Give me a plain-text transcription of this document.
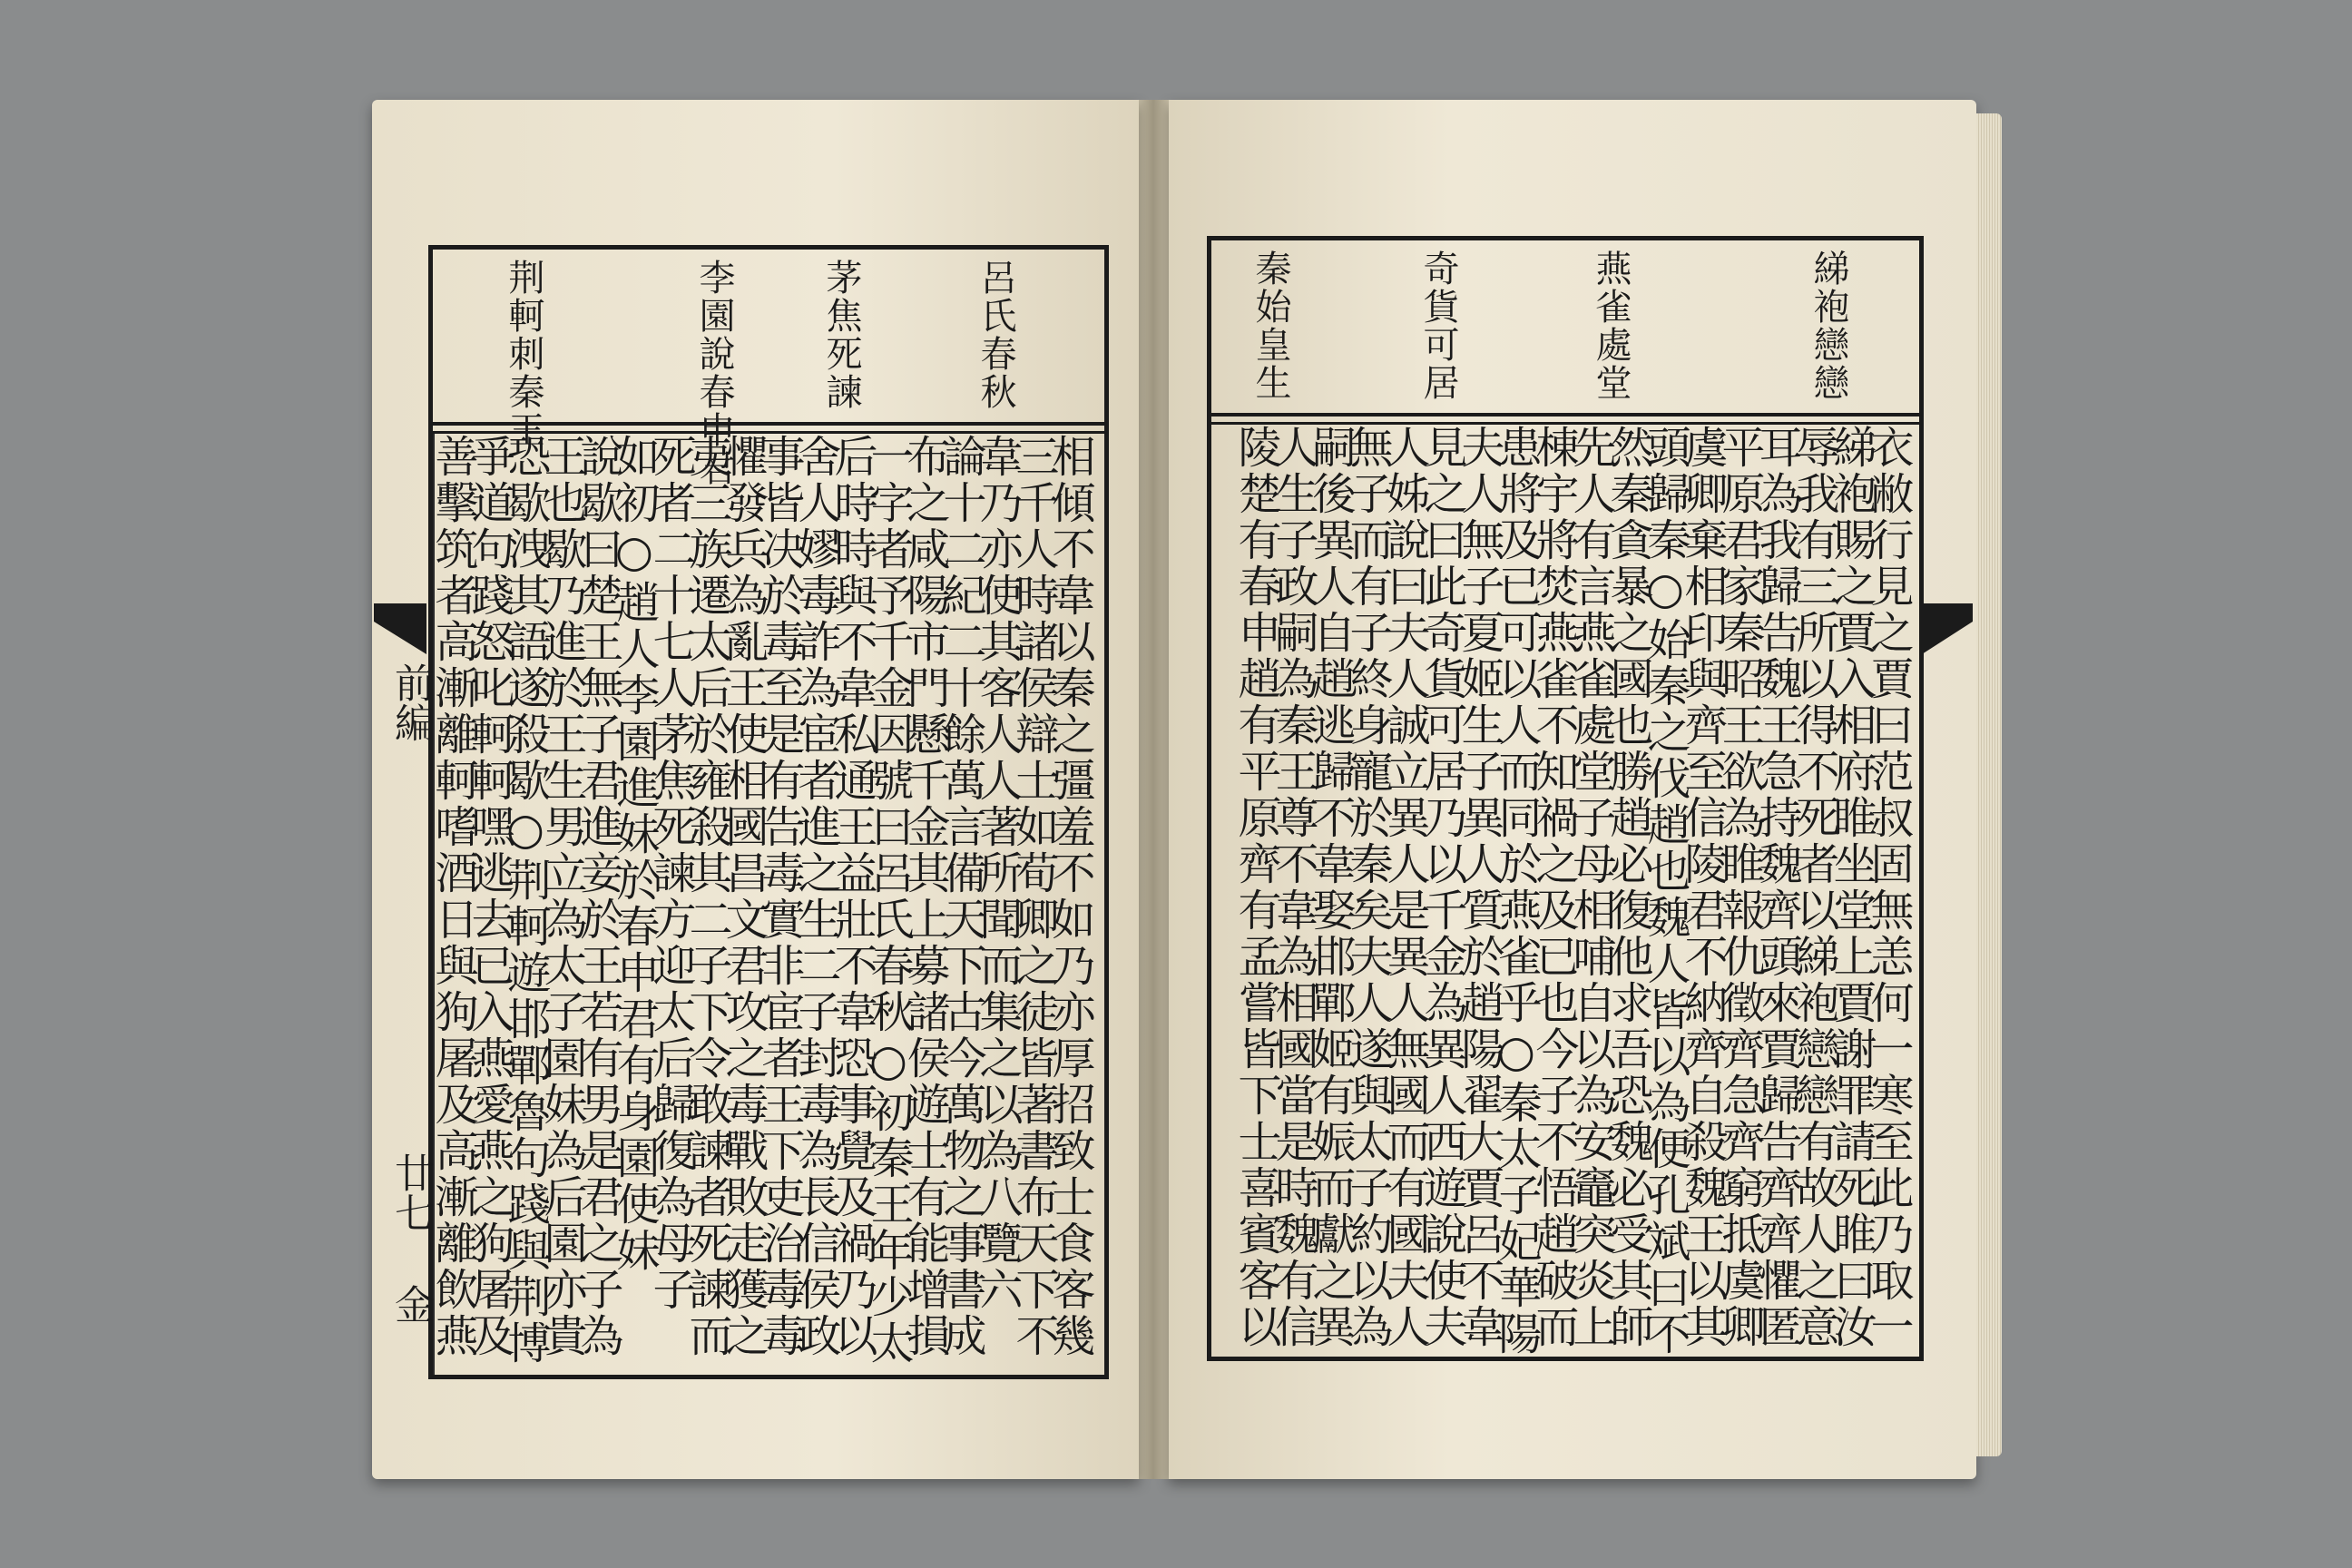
呂氏春秋
茅焦死諫
李園說春申君
荆軻刺秦王
相傾不韋以秦之彊羞不如乃亦厚招致士食客幾
三千人時諸侯辯士如荀卿之徒皆著書布天下不
韋乃亦使其客人人著所聞而集之以為八覽六
論十二紀二十餘萬言備天下古今萬物之事書成
布之咸陽市門懸千金其上募諸侯遊士有能增損
一字者予千金因號曰呂氏春秋○初秦王年少太
后時時與不韋私通王益壯不韋恐事覺及禍乃以
舍人嫪毒詐為宦者進之生二子封毒為長信侯政
事皆决於毒至是有告毒實非宦者王下吏治毒毒
懼發兵為亂王使相國昌文君攻之毒戰敗走獲之
夷三族遷太后於雍殺其二子下令敢諫者死諫而
死者二十七人茅焦死諫方迎太后歸復為母子
如初○趙人李園進妹於春申君有身園使妹
說歇曰楚王無子君進妾於王若有男是君之子為
王也歇乃進於王生男立為太子園妹為后園亦貴
恐歇洩其語遂殺歇○荆軻遊邯鄲魯句踐與荆博
爭道句踐怒叱軻軻嘿逃去已入燕愛燕之狗屠及
善擊筑者高漸離軻嗜酒日與狗屠及高漸離飲燕
前編
廿七
金
綈袍戀戀
燕雀處堂
奇貨可居
秦始皇生
衣敝行見之賈曰范叔固無恙何一寒至此乃取一
綈袍賜之賈入相府睢坐堂上賈謝罪請死睢曰汝
辱我有三所以得不死者以綈袍戀戀有故人之意
耳為我歸告魏王急持魏齊頭來賈歸告齊齊懼匿
平原君家秦昭王欲為睢報仇徵齊急齊窮抵虞卿
虞卿棄相印與齊至信陵君不納齊自殺魏王以其
頭歸秦○始秦之伐趙也魏人皆以為便孔斌曰不
然秦貪暴之國也勝趙必復他求吾恐魏必受其師
先人有言燕雀處堂子母相哺自以為安竈突炎上
棟宇將焚燕雀不知禍之及已也今子不悟趙破而
患將及已可以人而同於燕雀乎○秦太子妃華陽
夫人無子夏姬生子異人質於趙陽翟大賈呂不韋
見之曰此奇貨可居乃以千金為異人西遊說使夫
人姊說曰夫人誠立異人是異人無國而有國夫人
無子而有子終身寵於秦矣夫人遂與太子約以為
嗣後異人自趙逃歸不韋娶邯鄲姬有娠而獻之異
人生子政嗣為秦王尊不韋為相國當是時魏有信
陵楚有春申趙有平原齊有孟嘗皆下士喜賓客以
